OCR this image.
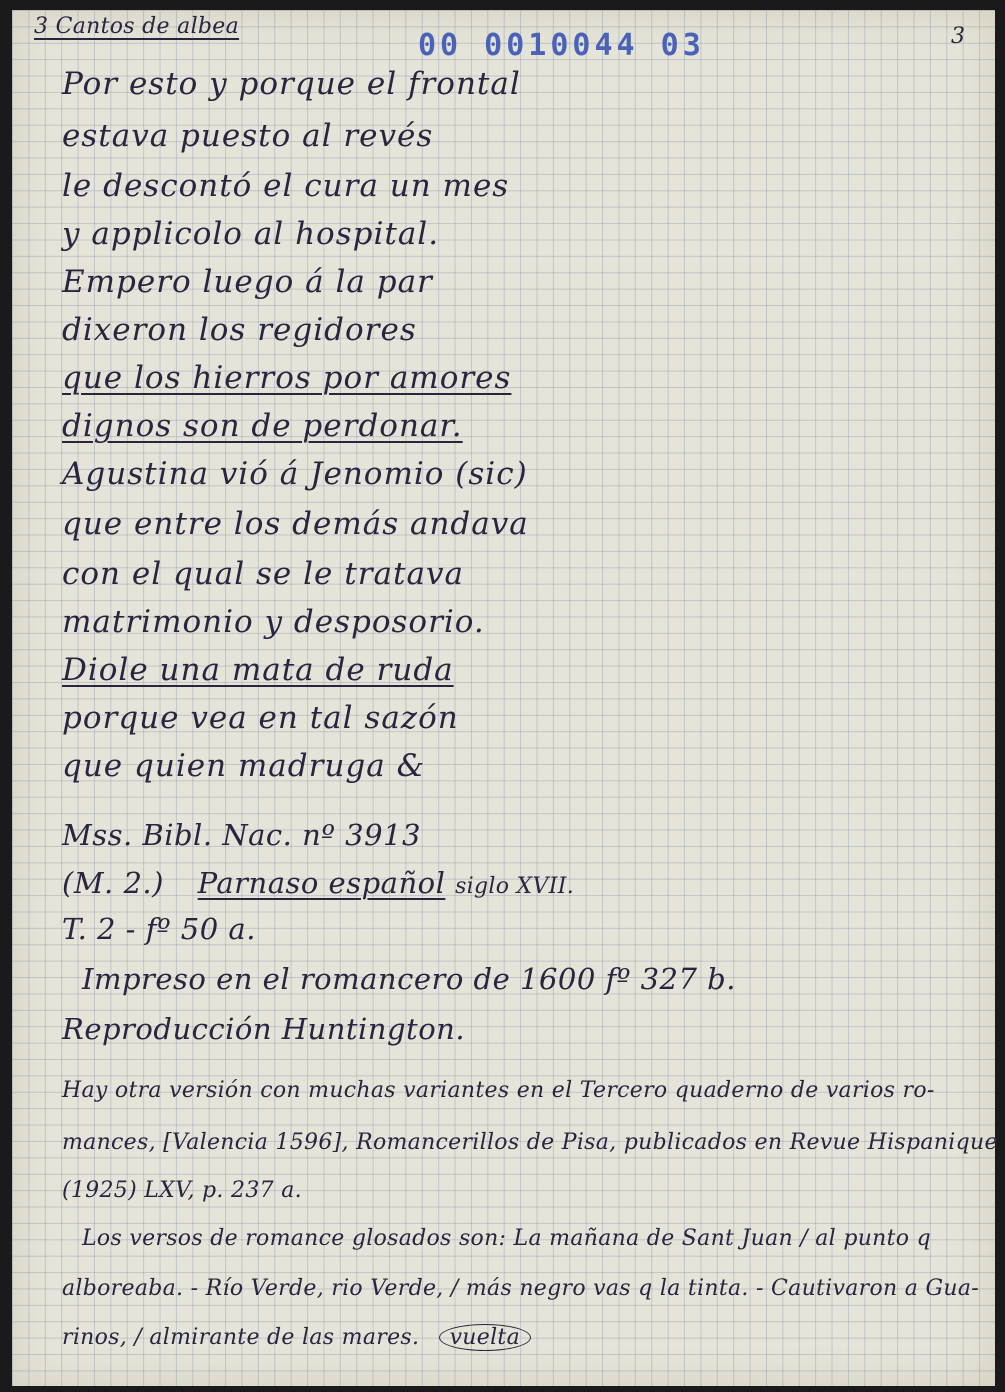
3 Cantos de albea
00 0010044 03	3
Por esto y porque el frontal
estava puesto al revés
le descontó el cura un mes
y applicolo al hospital.
Empero luego á la par
dixeron los regidores
que los hierros por amores
dignos son de perdonar.
Agustina vió á Jenomio (sic)
que entre los demás andava
con el qual se le tratava
matrimonio y desposorio.
Diole una mata de ruda
porque vea en tal sazón
que quien madruga &
Mss. Bibl. Nac. nº 3913
(M. 2.) Parnaso español siglo XVII.
T. 2 - fº 50 a.
Impreso en el romancero de 1600 fº 327 b.
Reproducción Huntington.
Hay otra versión con muchas variantes en el Tercero quaderno de varios ro-
mances, [Valencia 1596], Romancerillos de Pisa, publicados en Revue Hispanique
(1925) LXV, p. 237 a.
Los versos de romance glosados son: La mañana de Sant Juan / al punto q
alboreaba. - Río Verde, rio Verde, / más negro vas q la tinta. - Cautivaron a Gua-
rinos, / almirante de las mares. vuelta
